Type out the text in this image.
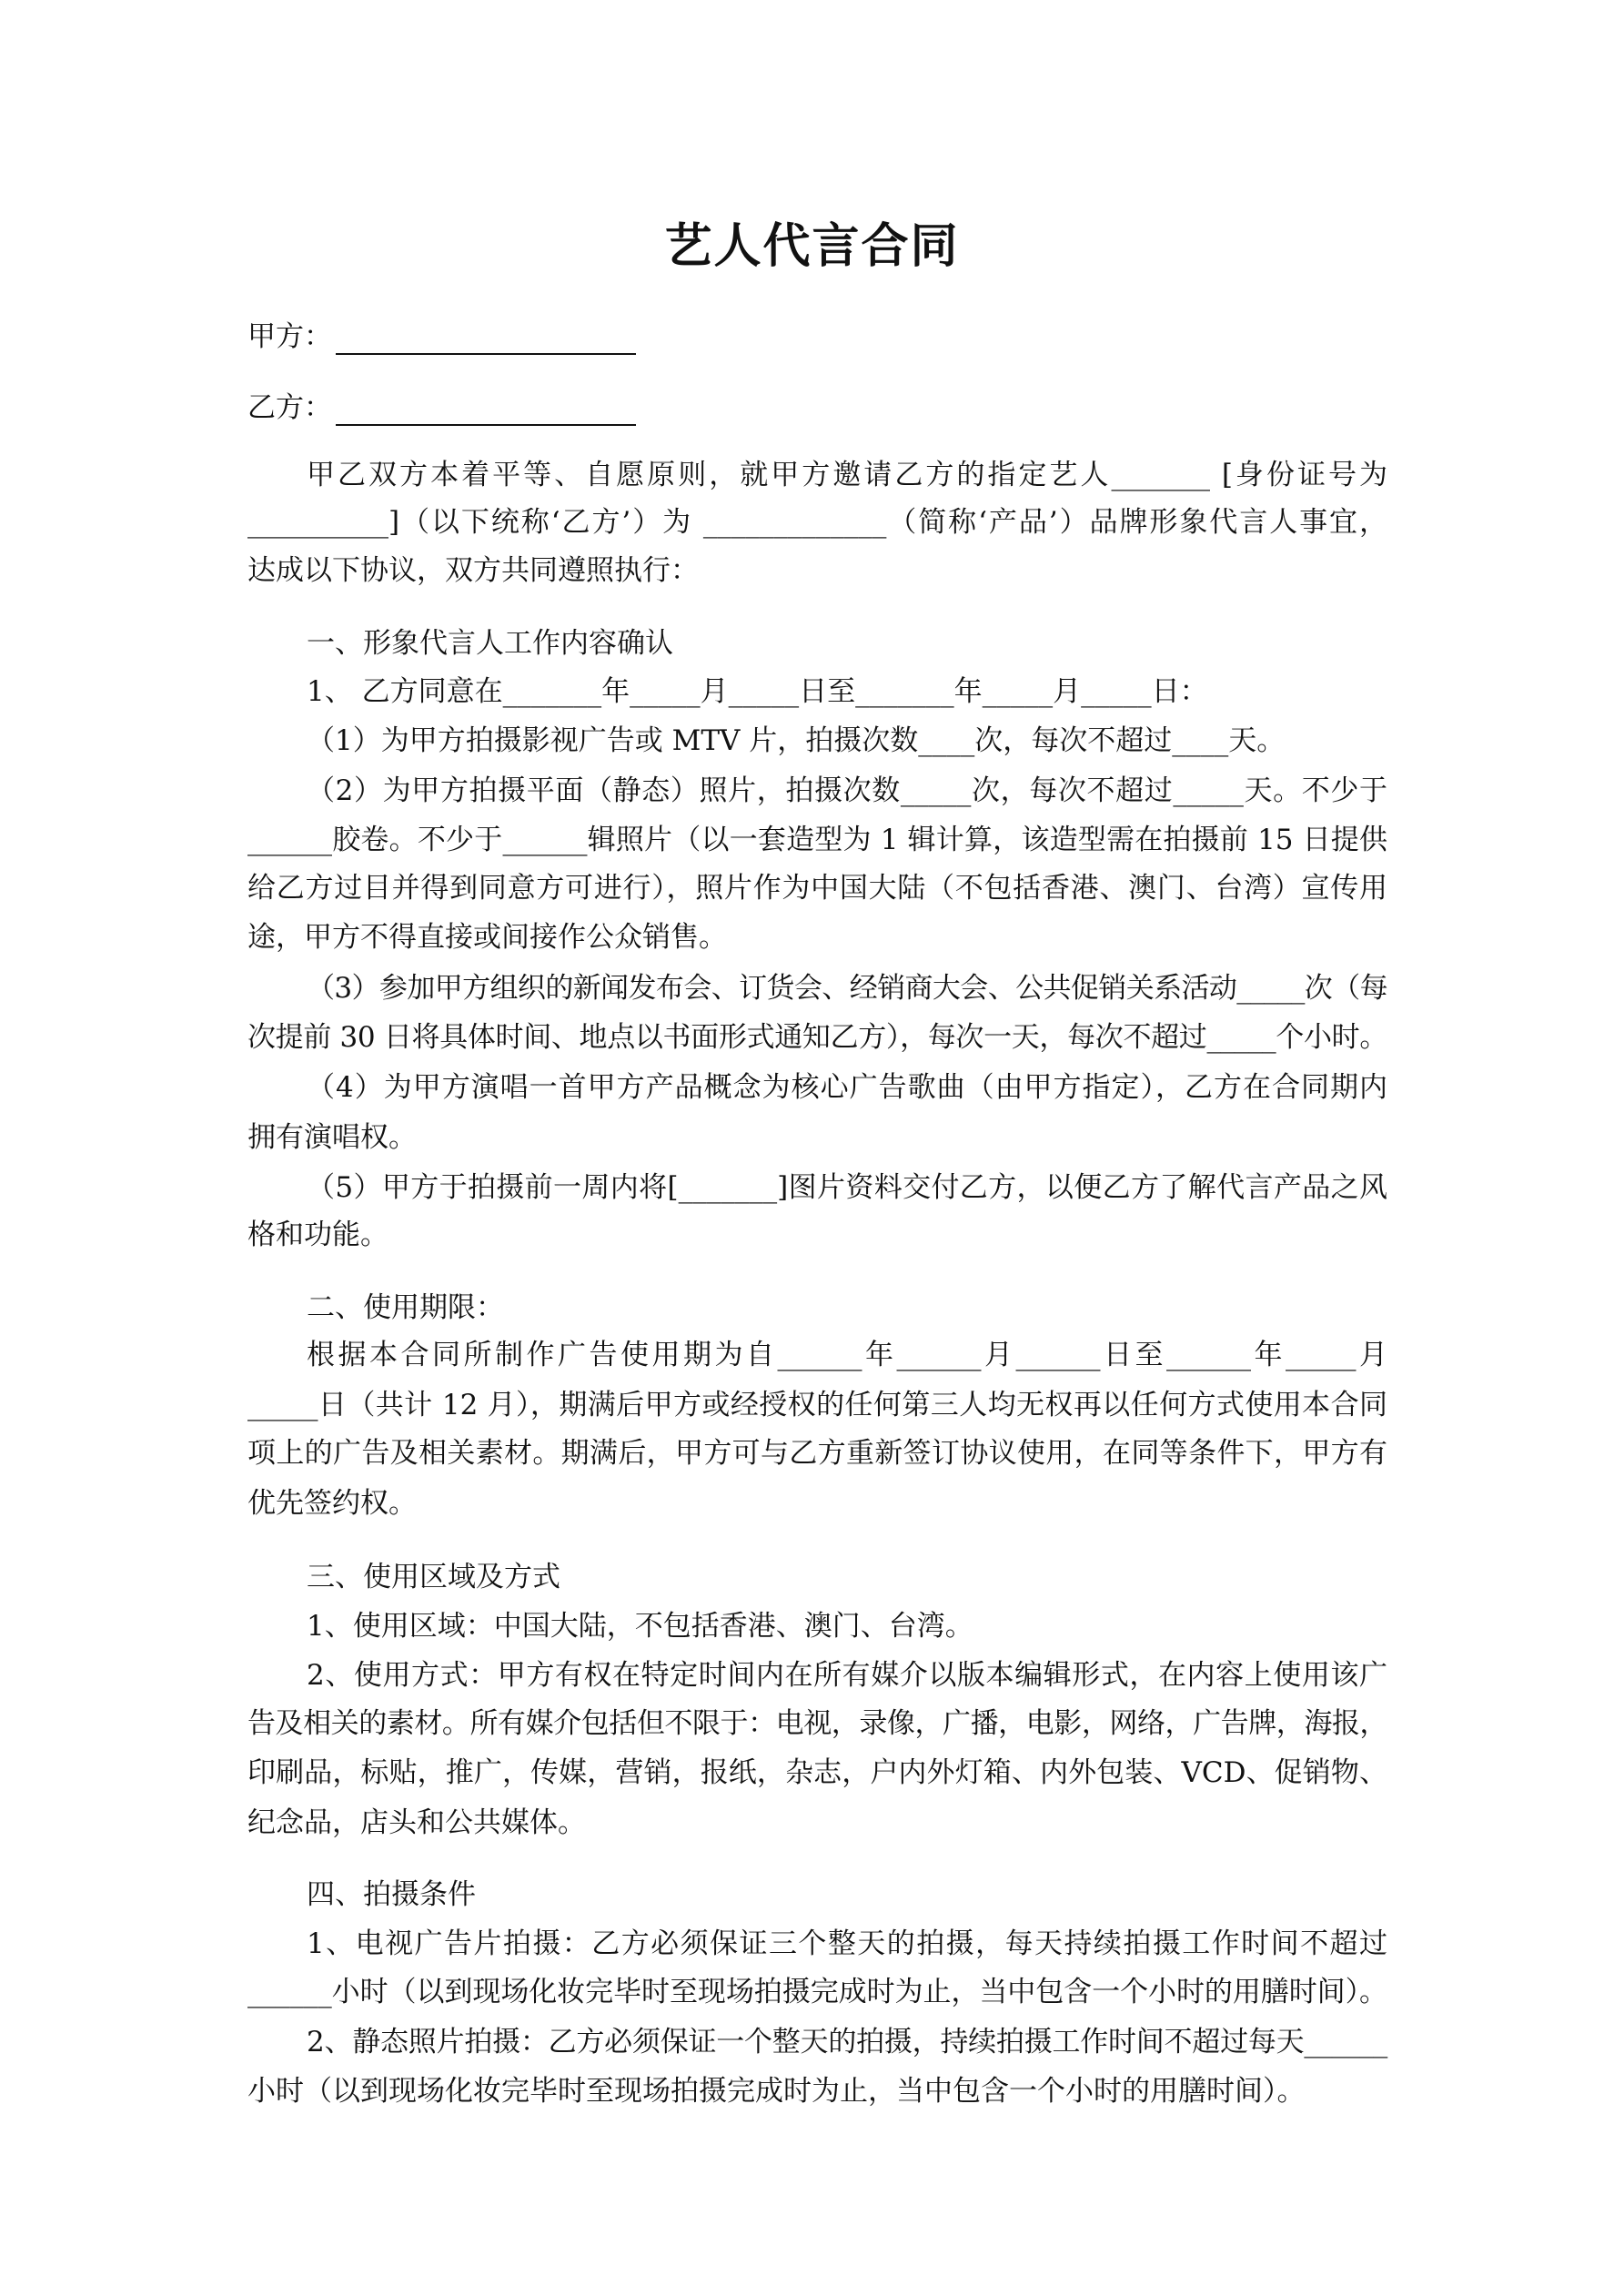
艺人代言合同
甲方：
乙方：
甲乙双方本着平等、自愿原则，就甲方邀请乙方的指定艺人_______ [身份证号为
__________]（以下统称‘乙方’）为 _____________（简称‘产品’）品牌形象代言人事宜，
达成以下协议，双方共同遵照执行：
一、形象代言人工作内容确认
1、 乙方同意在_______年_____月_____日至_______年_____月_____日：
（1）为甲方拍摄影视广告或 MTV 片，拍摄次数____次，每次不超过____天。
（2）为甲方拍摄平面（静态）照片，拍摄次数_____次，每次不超过_____天。不少于
______胶卷。不少于______辑照片（以一套造型为 1 辑计算，该造型需在拍摄前 15 日提供
给乙方过目并得到同意方可进行），照片作为中国大陆（不包括香港、澳门、台湾）宣传用
途，甲方不得直接或间接作公众销售。
（3）参加甲方组织的新闻发布会、订货会、经销商大会、公共促销关系活动_____次（每
次提前 30 日将具体时间、地点以书面形式通知乙方），每次一天，每次不超过_____个小时。
（4）为甲方演唱一首甲方产品概念为核心广告歌曲（由甲方指定），乙方在合同期内
拥有演唱权。
（5）甲方于拍摄前一周内将[_______]图片资料交付乙方，以便乙方了解代言产品之风
格和功能。
二、使用期限：
根据本合同所制作广告使用期为自______年______月______日至______年_____月
_____日（共计 12 月），期满后甲方或经授权的任何第三人均无权再以任何方式使用本合同
项上的广告及相关素材。期满后，甲方可与乙方重新签订协议使用，在同等条件下，甲方有
优先签约权。
三、使用区域及方式
1、使用区域：中国大陆，不包括香港、澳门、台湾。
2、使用方式：甲方有权在特定时间内在所有媒介以版本编辑形式，在内容上使用该广
告及相关的素材。所有媒介包括但不限于：电视，录像，广播，电影，网络，广告牌，海报，
印刷品，标贴，推广，传媒，营销，报纸，杂志，户内外灯箱、内外包装、VCD、促销物、
纪念品，店头和公共媒体。
四、拍摄条件
1、电视广告片拍摄：乙方必须保证三个整天的拍摄，每天持续拍摄工作时间不超过
______小时（以到现场化妆完毕时至现场拍摄完成时为止，当中包含一个小时的用膳时间）。
2、静态照片拍摄：乙方必须保证一个整天的拍摄，持续拍摄工作时间不超过每天______
小时（以到现场化妆完毕时至现场拍摄完成时为止，当中包含一个小时的用膳时间）。
